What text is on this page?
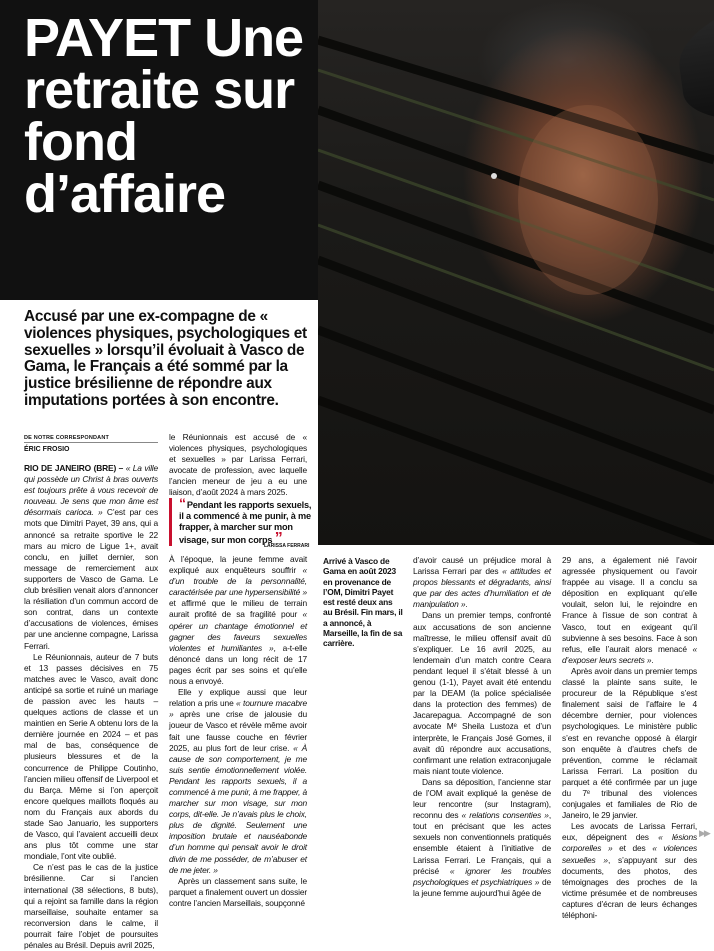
PAYET Une retraite sur fond d’affaire
Accusé par une ex-compagne de « violences physiques, psychologiques et sexuelles » lorsqu’il évoluait à Vasco de Gama, le Français a été sommé par la justice brésilienne de répondre aux imputations portées à son encontre.
DE NOTRE CORRESPONDANT
ÉRIC FROSIO

RIO DE JANEIRO (BRE) – « La ville qui possède un Christ à bras ouverts est toujours prête à vous recevoir de nouveau. Je sens que mon âme est désormais carioca. » C’est par ces mots que Dimitri Payet, 39 ans, qui a annoncé sa retraite sportive le 22 mars au micro de Ligue 1+, avait conclu, en juillet dernier, son message de remerciement aux supporters de Vasco de Gama. Le club brésilien venait alors d’annoncer la résiliation d’un commun accord de son contrat, dans un contexte d’accusations de violences, émises par une ancienne compagne, Larissa Ferrari.

Le Réunionnais, auteur de 7 buts et 13 passes décisives en 75 matches avec le Vasco, avait donc anticipé sa sortie et ruiné un mariage de passion avec les hauts – quelques actions de classe et un maintien en Serie A obtenu lors de la dernière journée en 2024 – et pas mal de bas, conséquence de plusieurs blessures et de la concurrence de Philippe Coutinho, l’ancien milieu offensif de Liverpool et du Barça. Même si l’on aperçoit encore quelques maillots floqués au nom du Français aux abords du stade Sao Januario, les supporters de Vasco, qui l’avaient accueilli deux ans plus tôt comme une star mondiale, l’ont vite oublié.

Ce n’est pas le cas de la justice brésilienne. Car si l’ancien international (38 sélections, 8 buts), qui a rejoint sa famille dans la région marseillaise, souhaite entamer sa reconversion dans le calme, il pourrait faire l’objet de poursuites pénales au Brésil. Depuis avril 2025,

le Réunionnais est accusé de « violences physiques, psychologiques et sexuelles » par Larissa Ferrari, avocate de profession, avec laquelle l’ancien meneur de jeu a eu une liaison, d’août 2024 à mars 2025.

“Pendant les rapports sexuels, il a commencé à me punir, à me frapper, à marcher sur mon visage, sur mon corps ”
LARISSA FERRARI

À l’époque, la jeune femme avait expliqué aux enquêteurs souffrir « d’un trouble de la personnalité, caractérisée par une hypersensibilité » et affirmé que le milieu de terrain aurait profité de sa fragilité pour « opérer un chantage émotionnel et gagner des faveurs sexuelles violentes et humiliantes », a-t-elle dénoncé dans un long récit de 17 pages écrit par ses soins et qu’elle nous a envoyé.

Elle y explique aussi que leur relation a pris une « tournure macabre » après une crise de jalousie du joueur de Vasco et révèle même avoir fait une fausse couche en février 2025, au plus fort de leur crise. « À cause de son comportement, je me suis sentie émotionnellement violée. Pendant les rapports sexuels, il a commencé à me punir, à me frapper, à marcher sur mon visage, sur mon corps, dit-elle. Je n’avais plus le choix, plus de dignité. Seulement une imposition brutale et nauséabonde d’un homme qui pensait avoir le droit divin de me posséder, de m’abuser et de me jeter. »

Après un classement sans suite, le parquet a finalement ouvert un dossier contre l’ancien Marseillais, soupçonné

Arrivé à Vasco de Gama en août 2023 en provenance de l’OM, Dimitri Payet est resté deux ans au Brésil. Fin mars, il a annoncé, à Marseille, la fin de sa carrière.

d’avoir causé un préjudice moral à Larissa Ferrari par des « attitudes et propos blessants et dégradants, ainsi que par des actes d’humiliation et de manipulation ».

Dans un premier temps, confronté aux accusations de son ancienne maîtresse, le milieu offensif avait dû s’expliquer. Le 16 avril 2025, au lendemain d’un match contre Ceara pendant lequel il s’était blessé à un genou (1-1), Payet avait été entendu par la DEAM (la police spécialisée dans la protection des femmes) de Jacarepagua. Accompagné de son avocate Mᵉ Sheila Lustoza et d’un interprète, le Français José Gomes, il avait dû répondre aux accusations, confirmant une relation extraconjugale mais niant toute violence.

Dans sa déposition, l’ancienne star de l’OM avait expliqué la genèse de leur rencontre (sur Instagram), reconnu des « relations consenties », tout en précisant que les actes sexuels non conventionnels pratiqués ensemble étaient à l’initiative de Larissa Ferrari. Le Français, qui a précisé « ignorer les troubles psychologiques et psychiatriques » de la jeune femme aujourd’hui âgée de

29 ans, a également nié l’avoir agressée physiquement ou l’avoir frappée au visage. Il a conclu sa déposition en expliquant qu’elle voulait, selon lui, le rejoindre en France à l’issue de son contrat à Vasco, tout en exigeant qu’il subvienne à ses besoins. Face à son refus, elle l’aurait alors menacé « d’exposer leurs secrets ».

Après avoir dans un premier temps classé la plainte sans suite, le procureur de la République s’est finalement saisi de l’affaire le 4 décembre dernier, pour violences psychologiques. Le ministère public s’est en revanche opposé à élargir son enquête à d’autres chefs de prévention, comme le réclamait Larissa Ferrari. La position du parquet a été confirmée par un juge du 7ᵉ tribunal des violences conjugales et familiales de Rio de Janeiro, le 29 janvier.

Les avocats de Larissa Ferrari, eux, dépeignent des « lésions corporelles » et des « violences sexuelles », s’appuyant sur des documents, des photos, des témoignages des proches de la victime présumée et de nombreuses captures d’écran de leurs échanges téléphoni-

▶▶
